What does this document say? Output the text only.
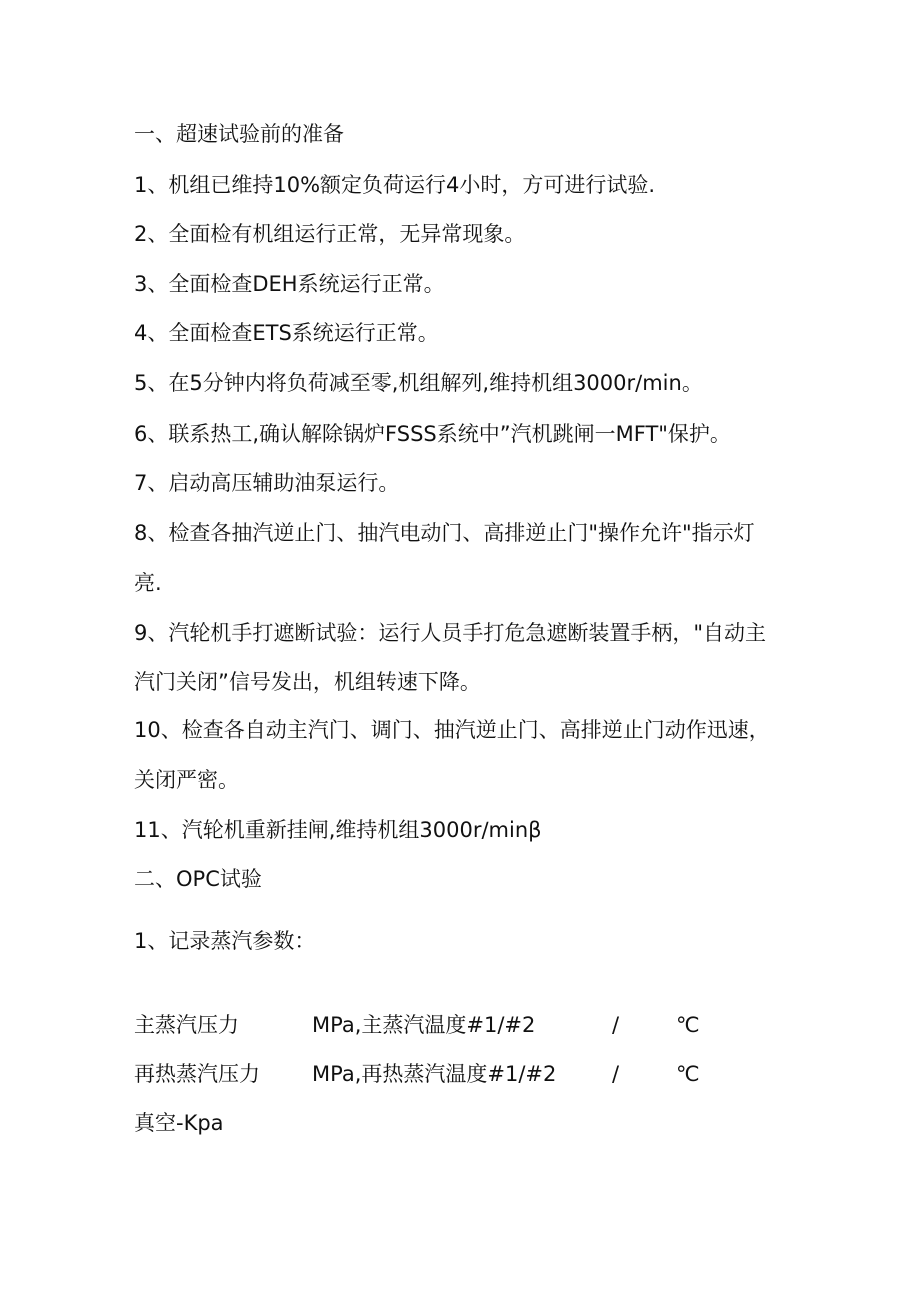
一、超速试验前的准备
1、机组已维持10%额定负荷运行4小时，方可进行试验.
2、全面检有机组运行正常，无异常现象。
3、全面检查DEH系统运行正常。
4、全面检查ETS系统运行正常。
5、在5分钟内将负荷减至零,机组解列,维持机组3000r∕min。
6、联系热工,确认解除锅炉FSSS系统中”汽机跳闸一MFT"保护。
7、启动高压辅助油泵运行。
8、检查各抽汽逆止门、抽汽电动门、高排逆止门"操作允许"指示灯
亮.
9、汽轮机手打遮断试验：运行人员手打危急遮断装置手柄，"自动主
汽门关闭”信号发出，机组转速下降。
10、检查各自动主汽门、调门、抽汽逆止门、高排逆止门动作迅速，
关闭严密。
11、汽轮机重新挂闸,维持机组3000r∕minβ
二、OPC试验
1、记录蒸汽参数：
主蒸汽压力	MPa,主蒸汽温度#1/#2	/	℃
再热蒸汽压力 MPa,再热蒸汽温度#1/#2	/	℃
真空-Kpa
